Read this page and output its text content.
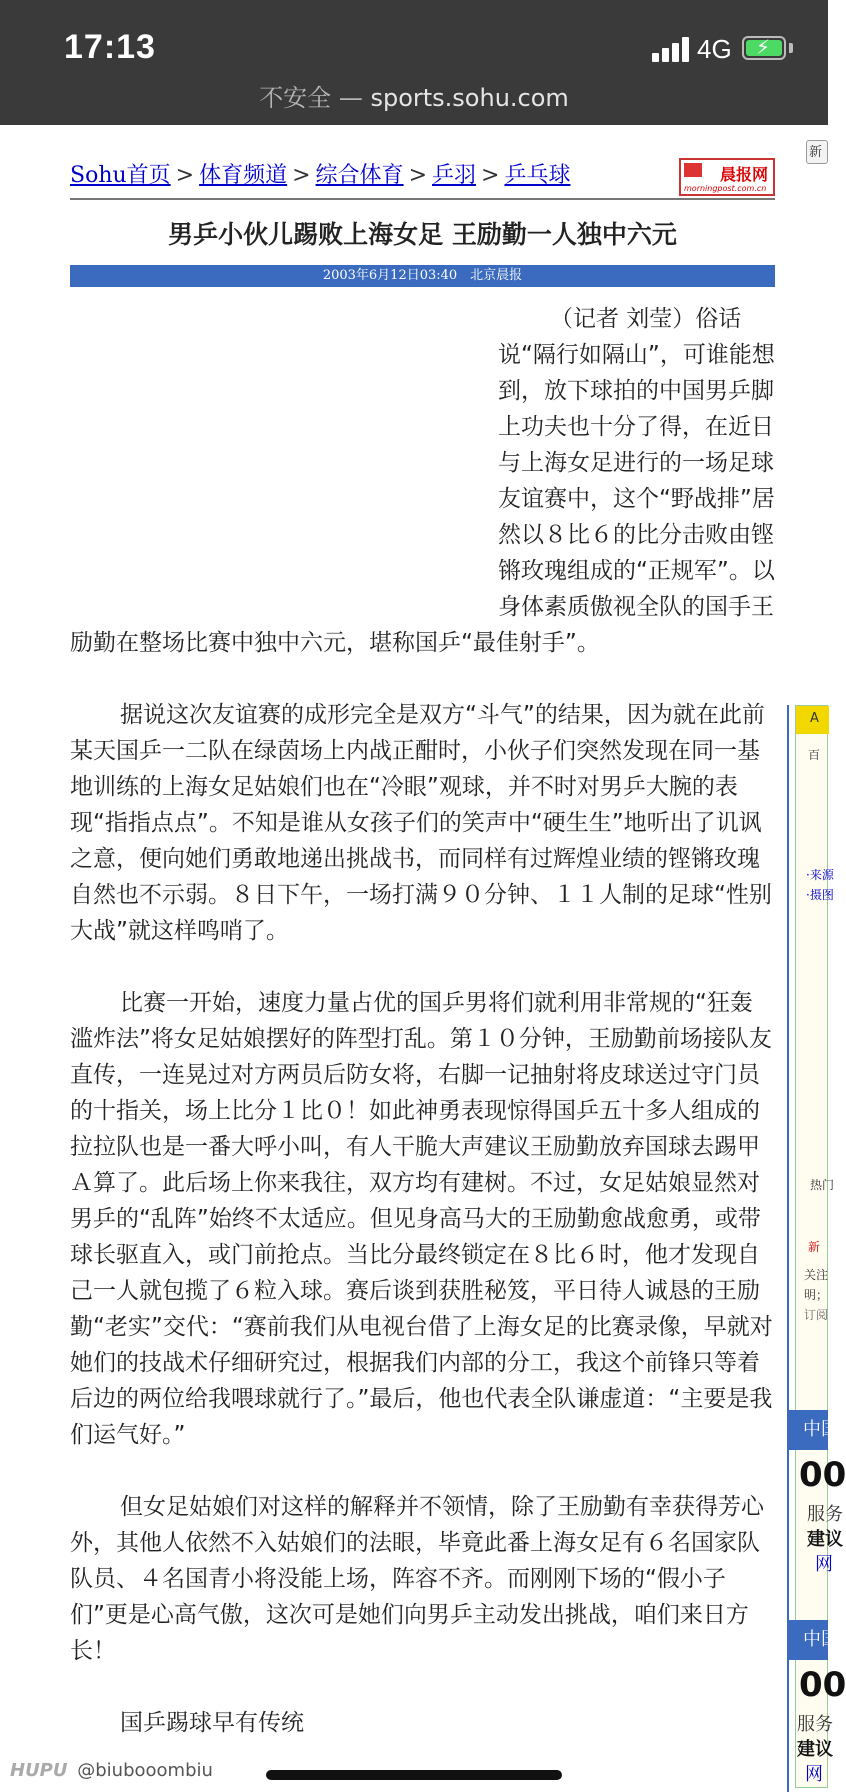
17:13	4G ⚡
不安全 — sports.sohu.com
Sohu首页 > 体育频道 > 综合体育 > 乒羽 > 乒乓球	晨报网
morningpost.com.cn
男乒小伙儿踢败上海女足 王励勤一人独中六元
2003年6月12日03:40　北京晨报

（记者 刘莹）俗话说“隔行如隔山”，可谁能想到，放下球拍的中国男乒脚上功夫也十分了得，在近日与上海女足进行的一场足球友谊赛中，这个“野战排”居然以８比６的比分击败由铿锵玫瑰组成的“正规军”。以身体素质傲视全队的国手王励勤在整场比赛中独中六元，堪称国乒“最佳射手”。

据说这次友谊赛的成形完全是双方“斗气”的结果，因为就在此前某天国乒一二队在绿茵场上内战正酣时，小伙子们突然发现在同一基地训练的上海女足姑娘们也在“冷眼”观球，并不时对男乒大腕的表现“指指点点”。不知是谁从女孩子们的笑声中“硬生生”地听出了讥讽之意，便向她们勇敢地递出挑战书，而同样有过辉煌业绩的铿锵玫瑰自然也不示弱。８日下午，一场打满９０分钟、１１人制的足球“性别大战”就这样鸣哨了。

比赛一开始，速度力量占优的国乒男将们就利用非常规的“狂轰滥炸法”将女足姑娘摆好的阵型打乱。第１０分钟，王励勤前场接队友直传，一连晃过对方两员后防女将，右脚一记抽射将皮球送过守门员的十指关，场上比分１比０！如此神勇表现惊得国乒五十多人组成的拉拉队也是一番大呼小叫，有人干脆大声建议王励勤放弃国球去踢甲Ａ算了。此后场上你来我往，双方均有建树。不过，女足姑娘显然对男乒的“乱阵”始终不太适应。但见身高马大的王励勤愈战愈勇，或带球长驱直入，或门前抢点。当比分最终锁定在８比６时，他才发现自己一人就包揽了６粒入球。赛后谈到获胜秘笈，平日待人诚恳的王励勤“老实”交代：“赛前我们从电视台借了上海女足的比赛录像，早就对她们的技战术仔细研究过，根据我们内部的分工，我这个前锋只等着后边的两位给我喂球就行了。”最后，他也代表全队谦虚道：“主要是我们运气好。”

但女足姑娘们对这样的解释并不领情，除了王励勤有幸获得芳心外，其他人依然不入姑娘们的法眼，毕竟此番上海女足有６名国家队队员、４名国青小将没能上场，阵容不齐。而刚刚下场的“假小子们”更是心高气傲，这次可是她们向男乒主动发出挑战，咱们来日方长！

国乒踢球早有传统

新
A
百
·来源
·摄图
热门
新
关注
明；
订阅
中国
00
服务
建议
网
中国
00
服务
建议
网
HUPU @biubooombiu
